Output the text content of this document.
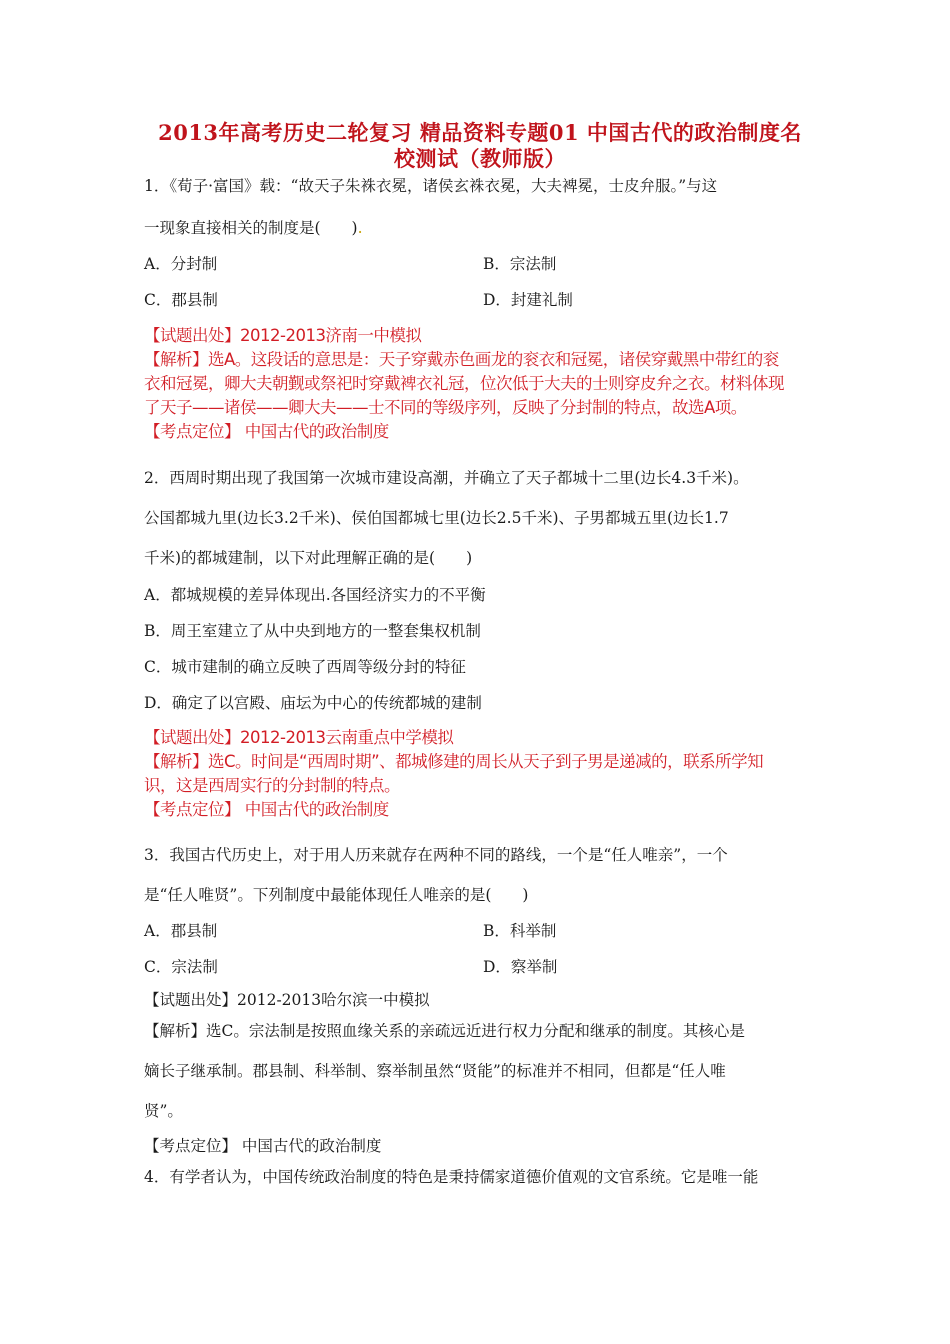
2013年高考历史二轮复习 精品资料专题01 中国古代的政治制度名
校测试（教师版）
1．《荀子·富国》载：“故天子朱袾衣冕，诸侯玄袾衣冕，大夫裨冕，士皮弁服。”与这
一现象直接相关的制度是(　　).
A．分封制	B．宗法制
C．郡县制	D．封建礼制
【试题出处】2012-2013济南一中模拟
【解析】选A。这段话的意思是：天子穿戴赤色画龙的衮衣和冠冕，诸侯穿戴黑中带红的衮
衣和冠冕，卿大夫朝觐或祭祀时穿戴裨衣礼冠，位次低于大夫的士则穿皮弁之衣。材料体现
了天子——诸侯——卿大夫——士不同的等级序列，反映了分封制的特点，故选A项。
【考点定位】 中国古代的政治制度
2．西周时期出现了我国第一次城市建设高潮，并确立了天子都城十二里(边长4.3千米)。
公国都城九里(边长3.2千米)、侯伯国都城七里(边长2.5千米)、子男都城五里(边长1.7
千米)的都城建制，以下对此理解正确的是(　　)
A．都城规模的差异体现出.各国经济实力的不平衡
B．周王室建立了从中央到地方的一整套集权机制
C．城市建制的确立反映了西周等级分封的特征
D．确定了以宫殿、庙坛为中心的传统都城的建制
【试题出处】2012-2013云南重点中学模拟
【解析】选C。时间是“西周时期”、都城修建的周长从天子到子男是递减的，联系所学知
识，这是西周实行的分封制的特点。
【考点定位】 中国古代的政治制度
3．我国古代历史上，对于用人历来就存在两种不同的路线，一个是“任人唯亲”，一个
是“任人唯贤”。下列制度中最能体现任人唯亲的是(　　)
A．郡县制	B．科举制
C．宗法制	D．察举制
【试题出处】2012-2013哈尔滨一中模拟
【解析】选C。宗法制是按照血缘关系的亲疏远近进行权力分配和继承的制度。其核心是
嫡长子继承制。郡县制、科举制、察举制虽然“贤能”的标准并不相同，但都是“任人唯
贤”。
【考点定位】 中国古代的政治制度
4．有学者认为，中国传统政治制度的特色是秉持儒家道德价值观的文官系统。它是唯一能
